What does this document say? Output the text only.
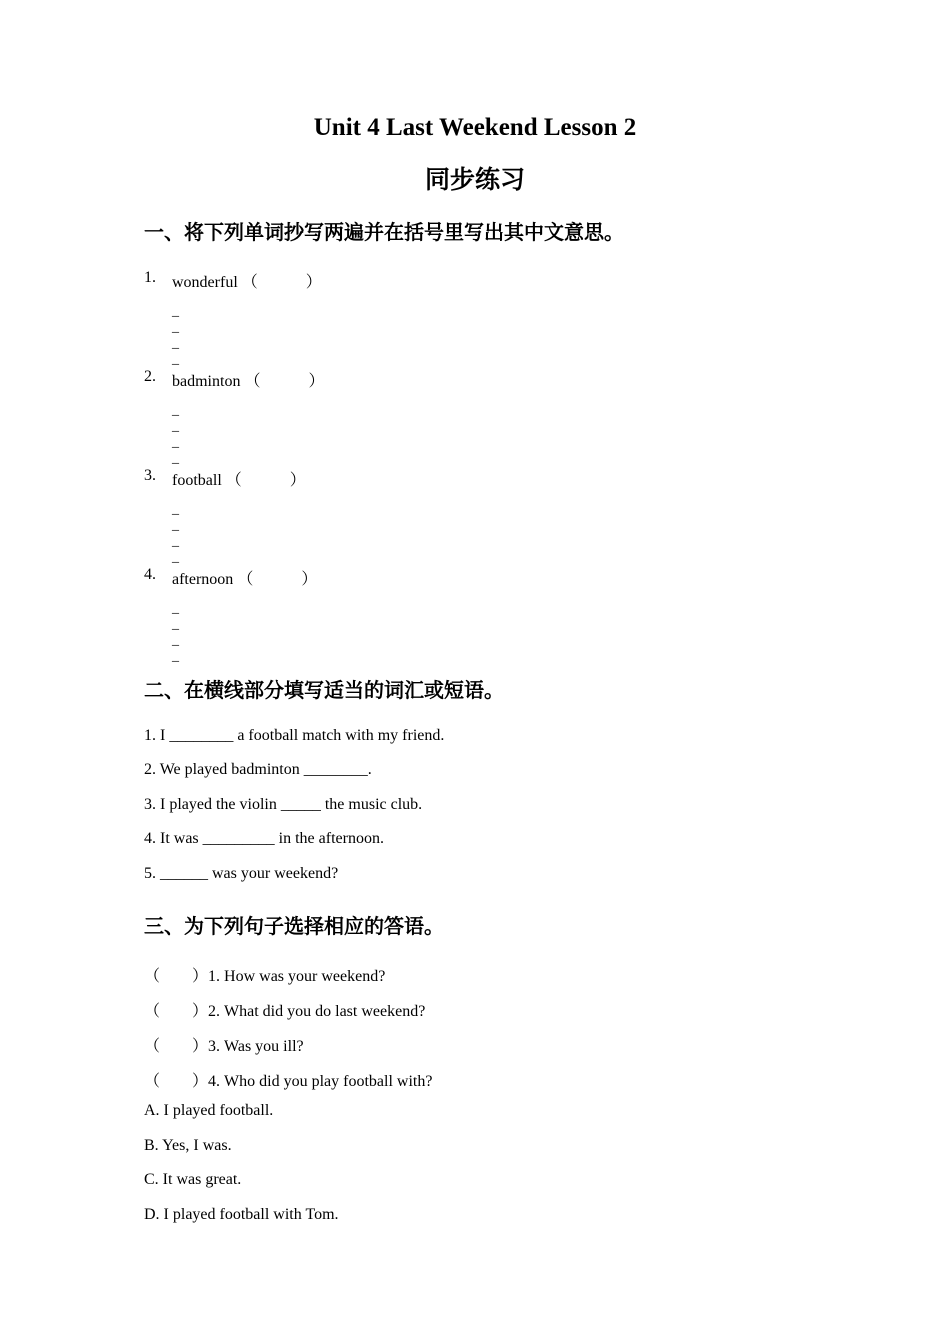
Unit 4 Last Weekend Lesson 2
同步练习
一、将下列单词抄写两遍并在括号里写出其中文意思。
1. wonderful （　　　）
_
_
_
_
2. badminton （　　　）
_
_
_
_
3. football （　　　）
_
_
_
_
4. afternoon （　　　）
_
_
_
_
二、在横线部分填写适当的词汇或短语。
1. I ________ a football match with my friend.
2. We played badminton ________.
3. I played the violin _____ the music club.
4. It was _________ in the afternoon.
5. ______ was your weekend?
三、为下列句子选择相应的答语。
（ ）1. How was your weekend?
（ ）2. What did you do last weekend?
（ ）3. Was you ill?
（ ）4. Who did you play football with?
A. I played football.
B. Yes, I was.
C. It was great.
D. I played football with Tom.
